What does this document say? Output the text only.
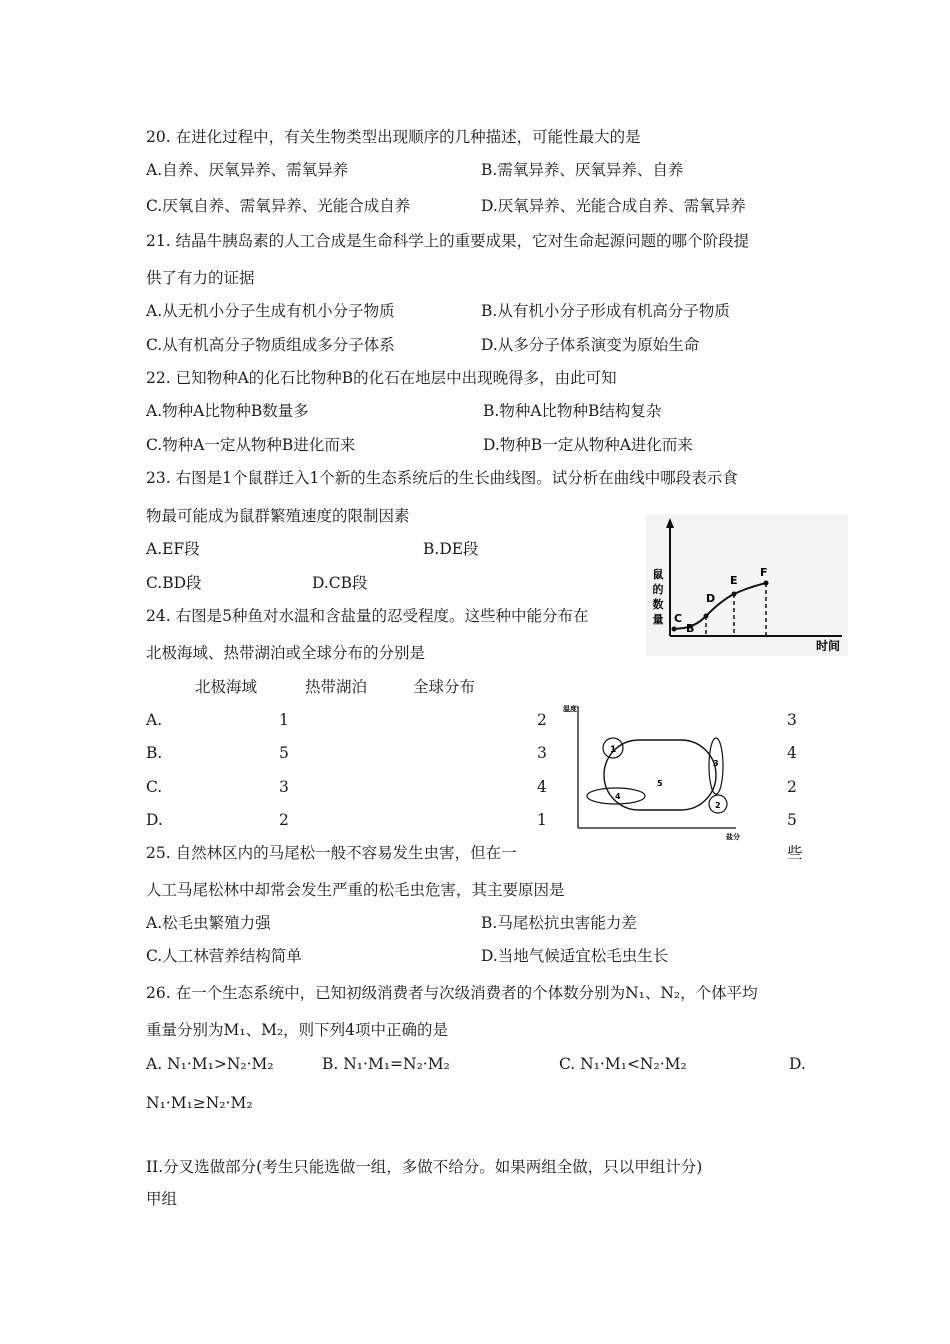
20. 在进化过程中，有关生物类型出现顺序的几种描述，可能性最大的是
A.自养、厌氧异养、需氧异养	B.需氧异养、厌氧异养、自养
C.厌氧自养、需氧异养、光能合成自养	D.厌氧异养、光能合成自养、需氧异养
21. 结晶牛胰岛素的人工合成是生命科学上的重要成果，它对生命起源问题的哪个阶段提
供了有力的证据
A.从无机小分子生成有机小分子物质	B.从有机小分子形成有机高分子物质
C.从有机高分子物质组成多分子体系	D.从多分子体系演变为原始生命
22. 已知物种A的化石比物种B的化石在地层中出现晚得多，由此可知
A.物种A比物种B数量多	B.物种A比物种B结构复杂
C.物种A一定从物种B进化而来	D.物种B一定从物种A进化而来
23. 右图是1个鼠群迁入1个新的生态系统后的生长曲线图。试分析在曲线中哪段表示食
物最可能成为鼠群繁殖速度的限制因素
A.EF段	B.DE段
C.BD段	D.CB段	鼠
的
数
量 C
B
D
E
F
时间
24. 右图是5种鱼对水温和含盐量的忍受程度。这些种中能分布在
北极海域、热带湖泊或全球分布的分别是
北极海域	热带湖泊	全球分布
A.	1	2	3
B.	5	3	4
C.	3	4	2
D.	2	1	5
温度
盐分
1
2
3
4
5
25. 自然林区内的马尾松一般不容易发生虫害，但在一	些
人工马尾松林中却常会发生严重的松毛虫危害，其主要原因是
A.松毛虫繁殖力强	B.马尾松抗虫害能力差
C.人工林营养结构简单	D.当地气候适宜松毛虫生长
26. 在一个生态系统中，已知初级消费者与次级消费者的个体数分别为N₁、N₂，个体平均
重量分别为M₁、M₂，则下列4项中正确的是
A. N₁·M₁>N₂·M₂	B. N₁·M₁=N₂·M₂	C. N₁·M₁<N₂·M₂	D.
N₁·M₁≥N₂·M₂
II.分叉选做部分(考生只能选做一组，多做不给分。如果两组全做，只以甲组计分)
甲组
